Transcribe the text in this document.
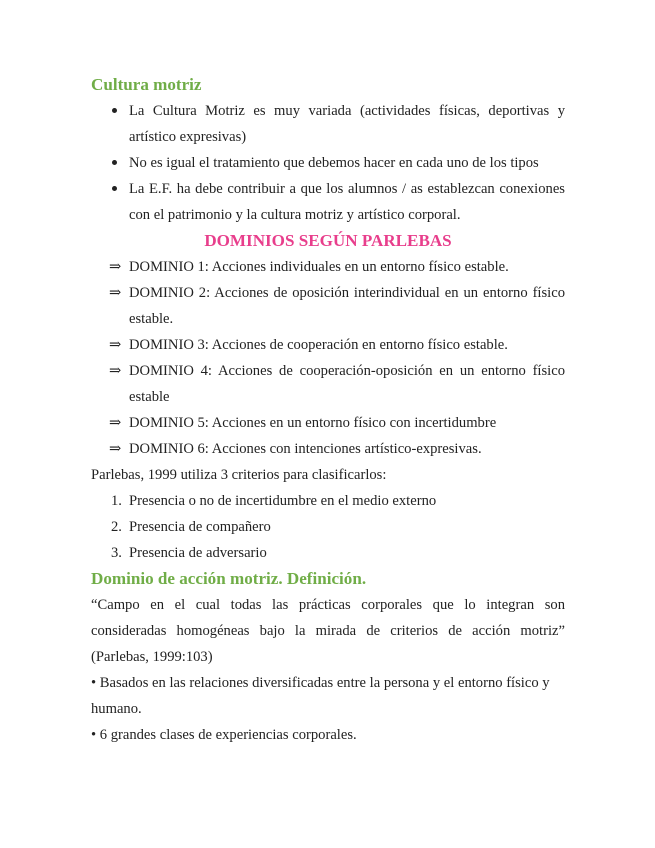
Cultura motriz
La Cultura Motriz es muy variada (actividades físicas, deportivas y artístico expresivas)
No es igual el tratamiento que debemos hacer en cada uno de los tipos
La E.F. ha debe contribuir a que los alumnos / as establezcan conexiones con el patrimonio y la cultura motriz y artístico corporal.
DOMINIOS SEGÚN PARLEBAS
⇒ DOMINIO 1: Acciones individuales en un entorno físico estable.
⇒ DOMINIO 2: Acciones de oposición interindividual en un entorno físico estable.
⇒ DOMINIO 3: Acciones de cooperación en entorno físico estable.
⇒ DOMINIO 4: Acciones de cooperación-oposición en un entorno físico estable
⇒ DOMINIO 5: Acciones en un entorno físico con incertidumbre
⇒ DOMINIO 6: Acciones con intenciones artístico-expresivas.

Parlebas, 1999 utiliza 3 criterios para clasificarlos:

1. Presencia o no de incertidumbre en el medio externo
2. Presencia de compañero
3. Presencia de adversario
Dominio de acción motriz. Definición.

“Campo en el cual todas las prácticas corporales que lo integran son consideradas homogéneas bajo la mirada de criterios de acción motriz” (Parlebas, 1999:103)

• Basados en las relaciones diversificadas entre la persona y el entorno físico y humano.

• 6 grandes clases de experiencias corporales.
